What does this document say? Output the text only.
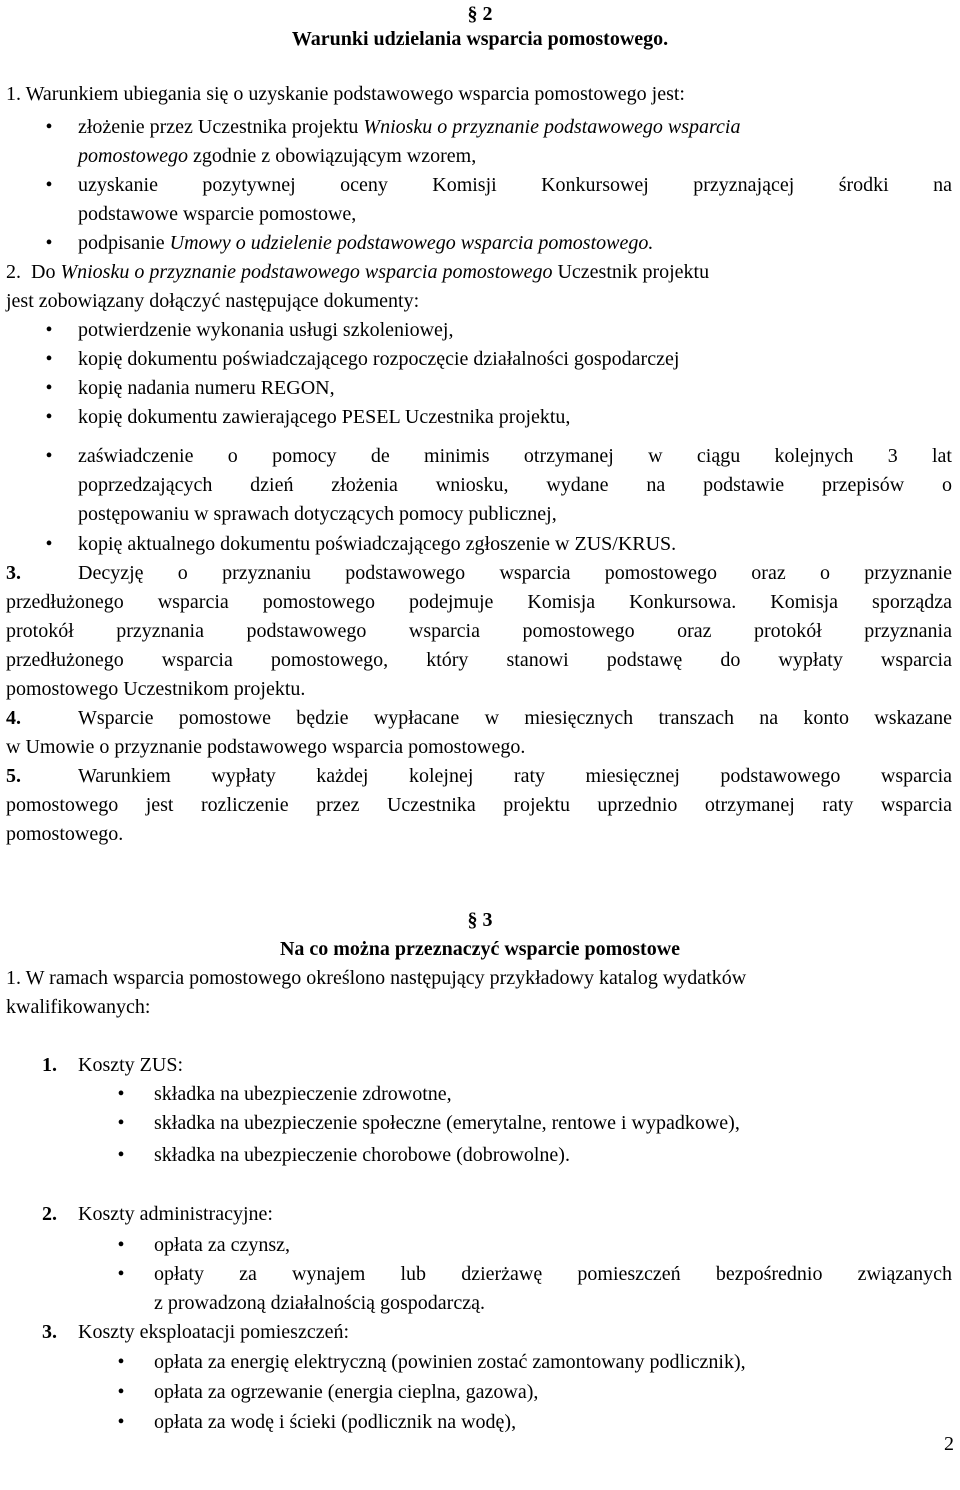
§ 2
Warunki udzielania wsparcia pomostowego.
1. Warunkiem ubiegania się o uzyskanie podstawowego wsparcia pomostowego jest:
• złożenie przez Uczestnika projektu Wniosku o przyznanie podstawowego wsparcia
pomostowego zgodnie z obowiązującym wzorem,
• uzyskanie pozytywnej oceny Komisji Konkursowej przyznającej środki na
podstawowe wsparcie pomostowe,
• podpisanie Umowy o udzielenie podstawowego wsparcia pomostowego.
2. Do Wniosku o przyznanie podstawowego wsparcia pomostowego Uczestnik projektu
jest zobowiązany dołączyć następujące dokumenty:
• potwierdzenie wykonania usługi szkoleniowej,
• kopię dokumentu poświadczającego rozpoczęcie działalności gospodarczej
• kopię nadania numeru REGON,
• kopię dokumentu zawierającego PESEL Uczestnika projektu,
• zaświadczenie o pomocy de minimis otrzymanej w ciągu kolejnych 3 lat
poprzedzających dzień złożenia wniosku, wydane na podstawie przepisów o
postępowaniu w sprawach dotyczących pomocy publicznej,
• kopię aktualnego dokumentu poświadczającego zgłoszenie w ZUS/KRUS.
3.	Decyzję o przyznaniu podstawowego wsparcia pomostowego oraz o przyznanie
przedłużonego wsparcia pomostowego podejmuje Komisja Konkursowa. Komisja sporządza
protokół przyznania podstawowego wsparcia pomostowego oraz protokół przyznania
przedłużonego wsparcia pomostowego, który stanowi podstawę do wypłaty wsparcia
pomostowego Uczestnikom projektu.
4.	Wsparcie pomostowe będzie wypłacane w miesięcznych transzach na konto wskazane
w Umowie o przyznanie podstawowego wsparcia pomostowego.
5.	Warunkiem wypłaty każdej kolejnej raty miesięcznej podstawowego wsparcia
pomostowego jest rozliczenie przez Uczestnika projektu uprzednio otrzymanej raty wsparcia
pomostowego.
§ 3
Na co można przeznaczyć wsparcie pomostowe
1. W ramach wsparcia pomostowego określono następujący przykładowy katalog wydatków
kwalifikowanych:
1. Koszty ZUS:
• składka na ubezpieczenie zdrowotne,
• składka na ubezpieczenie społeczne (emerytalne, rentowe i wypadkowe),
• składka na ubezpieczenie chorobowe (dobrowolne).
2. Koszty administracyjne:
• opłata za czynsz,
• opłaty za wynajem lub dzierżawę pomieszczeń bezpośrednio związanych
z prowadzoną działalnością gospodarczą.
3. Koszty eksploatacji pomieszczeń:
• opłata za energię elektryczną (powinien zostać zamontowany podlicznik),
• opłata za ogrzewanie (energia cieplna, gazowa),
• opłata za wodę i ścieki (podlicznik na wodę),
2
